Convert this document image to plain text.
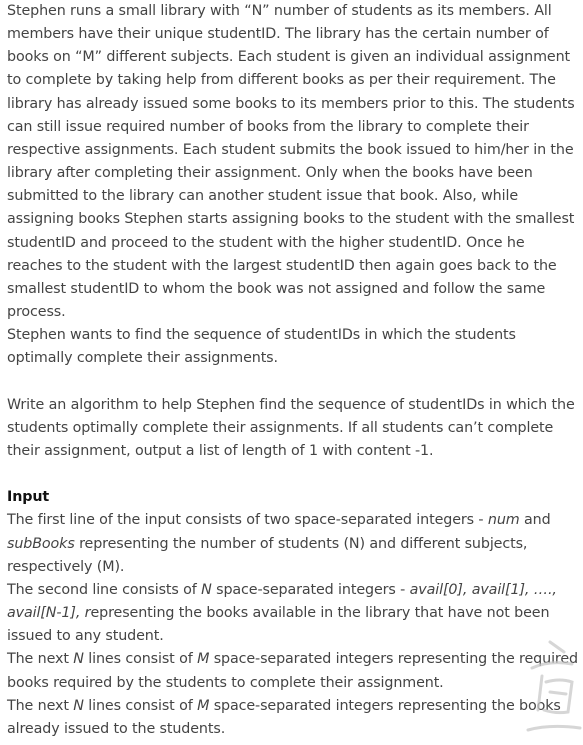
Stephen runs a small library with “N” number of students as its members. All members have their unique studentID. The library has the certain number of books on “M” different subjects. Each student is given an individual assignment to complete by taking help from different books as per their requirement. The library has already issued some books to its members prior to this. The students can still issue required number of books from the library to complete their respective assignments. Each student submits the book issued to him/her in the library after completing their assignment. Only when the books have been submitted to the library can another student issue that book. Also, while assigning books Stephen starts assigning books to the student with the smallest studentID and proceed to the student with the higher studentID. Once he reaches to the student with the largest studentID then again goes back to the smallest studentID to whom the book was not assigned and follow the same process.

Stephen wants to find the sequence of studentIDs in which the students optimally complete their assignments.

Write an algorithm to help Stephen find the sequence of studentIDs in which the students optimally complete their assignments. If all students can’t complete their assignment, output a list of length of 1 with content -1.

Input

The first line of the input consists of two space-separated integers - num and subBooks representing the number of students (N) and different subjects, respectively (M).

The second line consists of N space-separated integers - avail[0], avail[1], …., avail[N-1], representing the books available in the library that have not been issued to any student.

The next N lines consist of M space-separated integers representing the required books required by the students to complete their assignment.

The next N lines consist of M space-separated integers representing the books already issued to the students.
